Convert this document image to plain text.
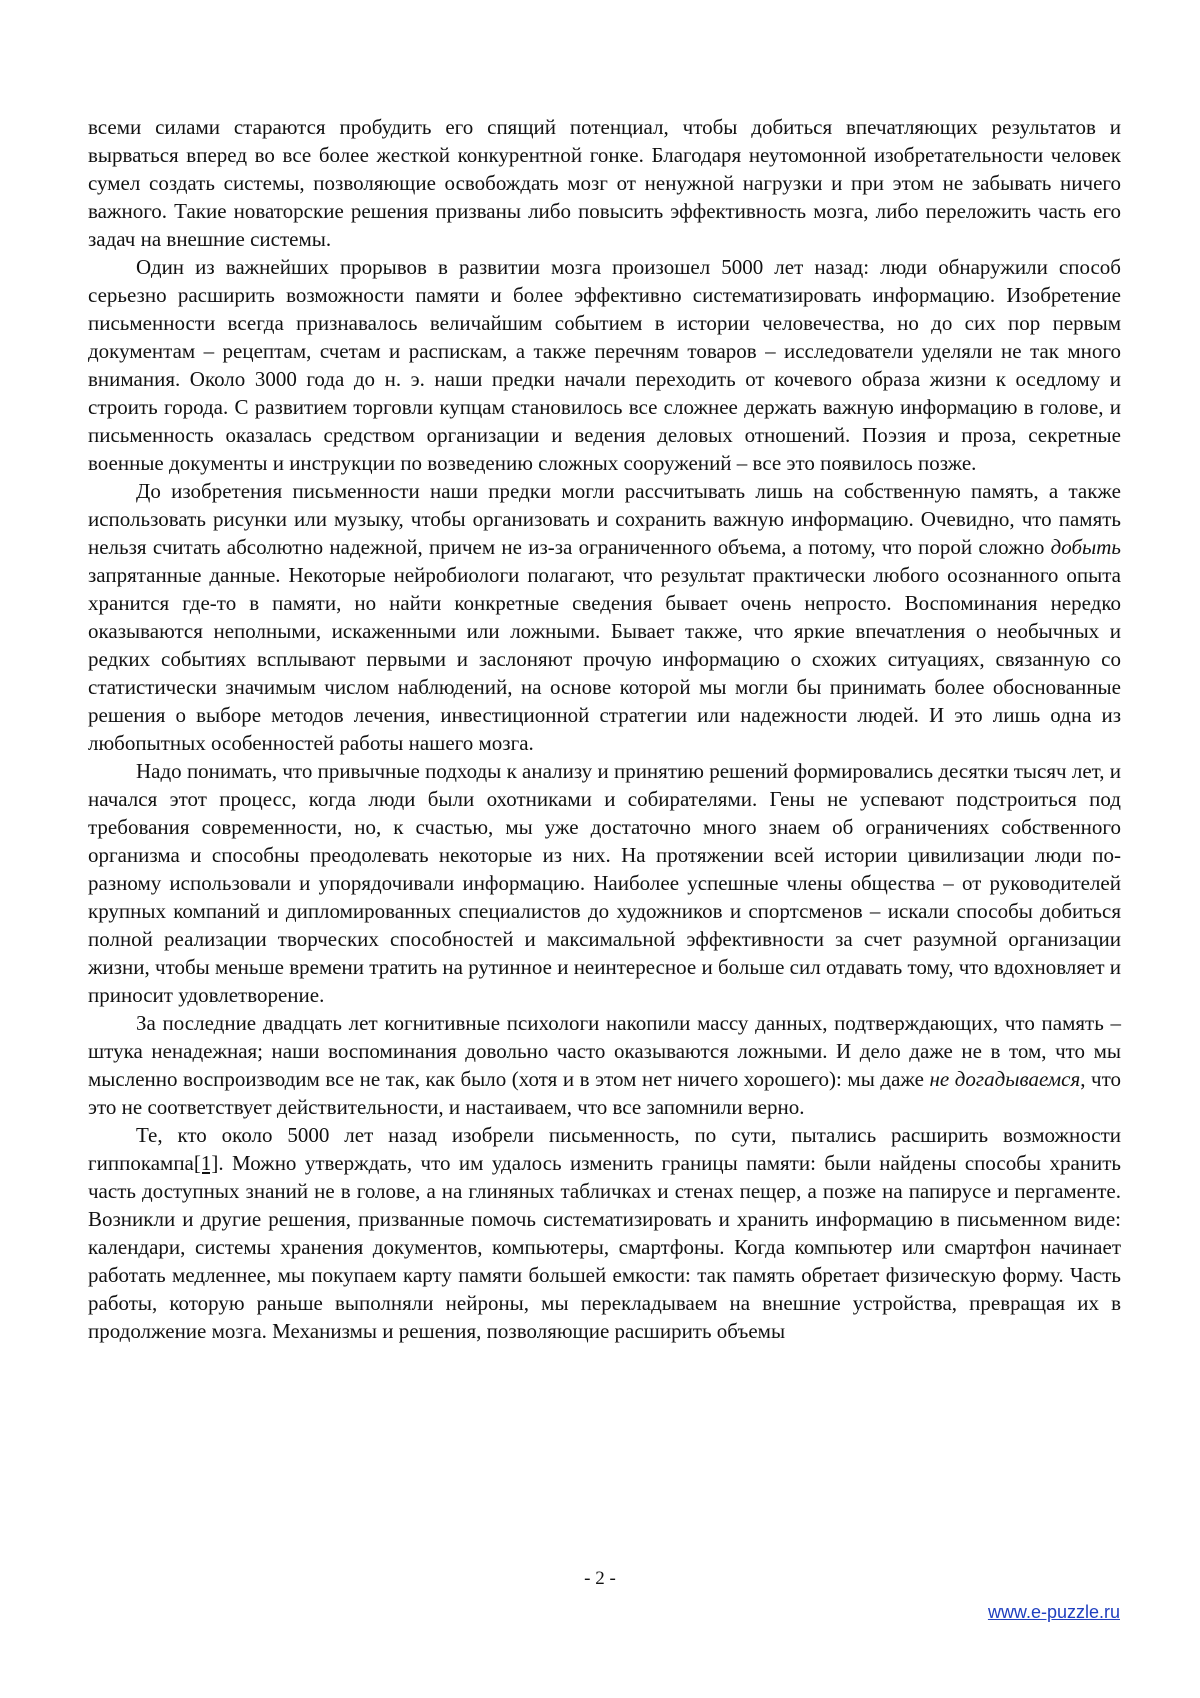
всеми силами стараются пробудить его спящий потенциал, чтобы добиться впечатляющих результатов и вырваться вперед во все более жесткой конкурентной гонке. Благодаря неутомонной изобретательности человек сумел создать системы, позволяющие освобождать мозг от ненужной нагрузки и при этом не забывать ничего важного. Такие новаторские решения призваны либо повысить эффективность мозга, либо переложить часть его задач на внешние системы.

Один из важнейших прорывов в развитии мозга произошел 5000 лет назад: люди обнаружили способ серьезно расширить возможности памяти и более эффективно систематизировать информацию. Изобретение письменности всегда признавалось величайшим событием в истории человечества, но до сих пор первым документам – рецептам, счетам и распискам, а также перечням товаров – исследователи уделяли не так много внимания. Около 3000 года до н. э. наши предки начали переходить от кочевого образа жизни к оседлому и строить города. С развитием торговли купцам становилось все сложнее держать важную информацию в голове, и письменность оказалась средством организации и ведения деловых отношений. Поэзия и проза, секретные военные документы и инструкции по возведению сложных сооружений – все это появилось позже.

До изобретения письменности наши предки могли рассчитывать лишь на собственную память, а также использовать рисунки или музыку, чтобы организовать и сохранить важную информацию. Очевидно, что память нельзя считать абсолютно надежной, причем не из-за ограниченного объема, а потому, что порой сложно добыть запрятанные данные. Некоторые нейробиологи полагают, что результат практически любого осознанного опыта хранится где-то в памяти, но найти конкретные сведения бывает очень непросто. Воспоминания нередко оказываются неполными, искаженными или ложными. Бывает также, что яркие впечатления о необычных и редких событиях всплывают первыми и заслоняют прочую информацию о схожих ситуациях, связанную со статистически значимым числом наблюдений, на основе которой мы могли бы принимать более обоснованные решения о выборе методов лечения, инвестиционной стратегии или надежности людей. И это лишь одна из любопытных особенностей работы нашего мозга.

Надо понимать, что привычные подходы к анализу и принятию решений формировались десятки тысяч лет, и начался этот процесс, когда люди были охотниками и собирателями. Гены не успевают подстроиться под требования современности, но, к счастью, мы уже достаточно много знаем об ограничениях собственного организма и способны преодолевать некоторые из них. На протяжении всей истории цивилизации люди по-разному использовали и упорядочивали информацию. Наиболее успешные члены общества – от руководителей крупных компаний и дипломированных специалистов до художников и спортсменов – искали способы добиться полной реализации творческих способностей и максимальной эффективности за счет разумной организации жизни, чтобы меньше времени тратить на рутинное и неинтересное и больше сил отдавать тому, что вдохновляет и приносит удовлетворение.

За последние двадцать лет когнитивные психологи накопили массу данных, подтверждающих, что память – штука ненадежная; наши воспоминания довольно часто оказываются ложными. И дело даже не в том, что мы мысленно воспроизводим все не так, как было (хотя и в этом нет ничего хорошего): мы даже не догадываемся, что это не соответствует действительности, и настаиваем, что все запомнили верно.

Те, кто около 5000 лет назад изобрели письменность, по сути, пытались расширить возможности гиппокампа[1]. Можно утверждать, что им удалось изменить границы памяти: были найдены способы хранить часть доступных знаний не в голове, а на глиняных табличках и стенах пещер, а позже на папирусе и пергаменте. Возникли и другие решения, призванные помочь систематизировать и хранить информацию в письменном виде: календари, системы хранения документов, компьютеры, смартфоны. Когда компьютер или смартфон начинает работать медленнее, мы покупаем карту памяти большей емкости: так память обретает физическую форму. Часть работы, которую раньше выполняли нейроны, мы перекладываем на внешние устройства, превращая их в продолжение мозга. Механизмы и решения, позволяющие расширить объемы

- 2 -
www.e-puzzle.ru
